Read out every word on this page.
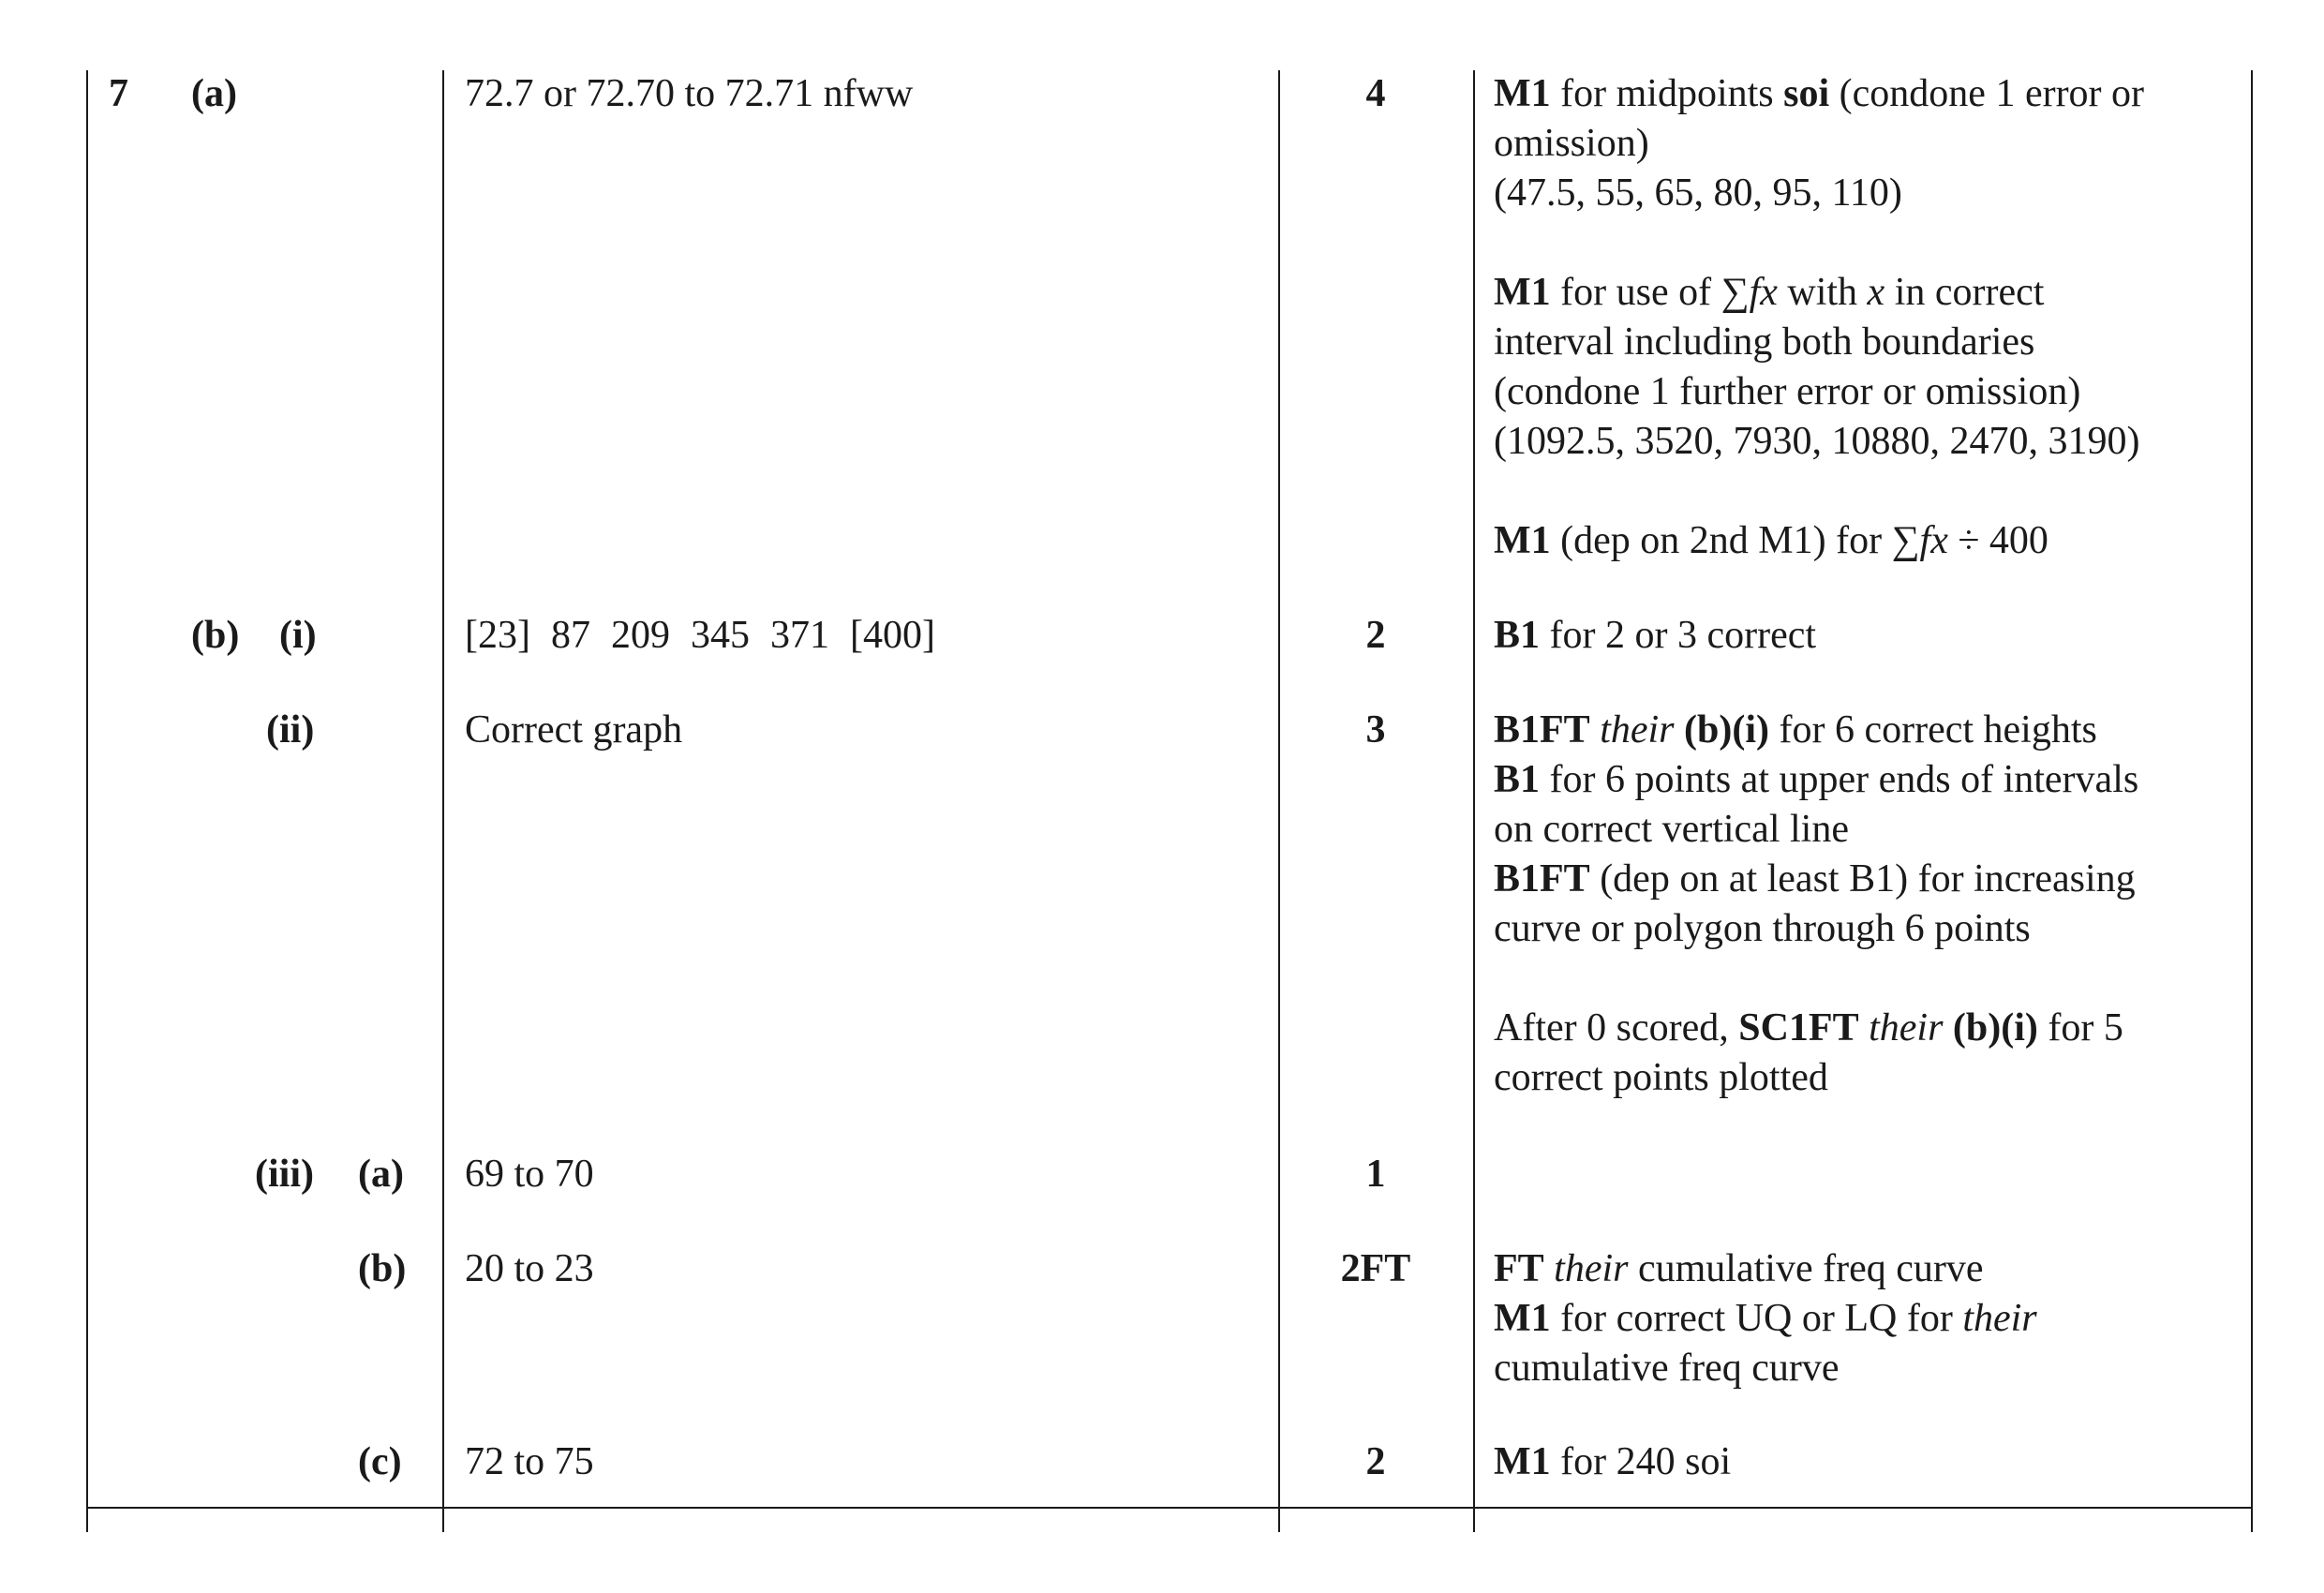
7 (a)	72.7 or 72.70 to 72.71 nfww	4	M1 for midpoints soi (condone 1 error or
omission)
(47.5, 55, 65, 80, 95, 110)
M1 for use of ∑fx with x in correct
interval including both boundaries
(condone 1 further error or omission)
(1092.5, 3520, 7930, 10880, 2470, 3190)
M1 (dep on 2nd M1) for ∑fx ÷ 400
(b) (i)	[23] 87 209 345 371 [400]	2	B1 for 2 or 3 correct
(ii)	Correct graph	3	B1FT their (b)(i) for 6 correct heights
B1 for 6 points at upper ends of intervals
on correct vertical line
B1FT (dep on at least B1) for increasing
curve or polygon through 6 points
After 0 scored, SC1FT their (b)(i) for 5
correct points plotted
(iii) (a) 69 to 70	1
(b) 20 to 23	2FT	FT their cumulative freq curve
M1 for correct UQ or LQ for their
cumulative freq curve
(c) 72 to 75	2	M1 for 240 soi
